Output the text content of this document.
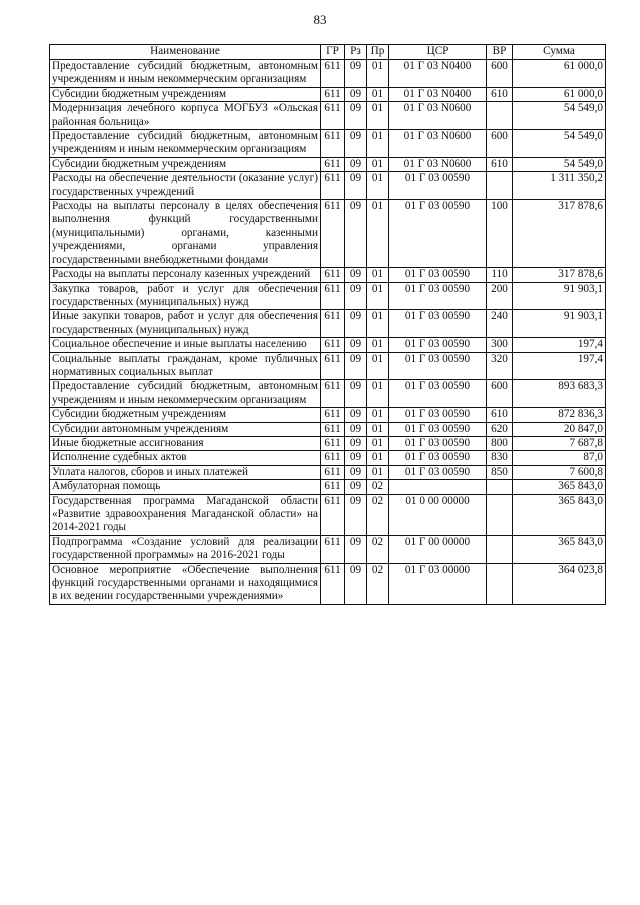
83
Наименование	ГР	Рз	Пр	ЦСР	ВР	Сумма
Предоставление субсидий бюджетным, автономным учреждениям и иным некоммерческим организациям	611	09	01	01 Г 03 N0400	600	61 000,0
Субсидии бюджетным учреждениям	611	09	01	01 Г 03 N0400	610	61 000,0
Модернизация лечебного корпуса МОГБУЗ «Ольская районная больница»	611	09	01	01 Г 03 N0600		54 549,0
Предоставление субсидий бюджетным, автономным учреждениям и иным некоммерческим организациям	611	09	01	01 Г 03 N0600	600	54 549,0
Субсидии бюджетным учреждениям	611	09	01	01 Г 03 N0600	610	54 549,0
Расходы на обеспечение деятельности (оказание услуг) государственных учреждений	611	09	01	01 Г 03 00590		1 311 350,2
Расходы на выплаты персоналу в целях обеспечения выполнения функций государственными (муниципальными) органами, казенными учреждениями, органами управления государственными внебюджетными фондами	611	09	01	01 Г 03 00590	100	317 878,6
Расходы на выплаты персоналу казенных учреждений	611	09	01	01 Г 03 00590	110	317 878,6
Закупка товаров, работ и услуг для обеспечения государственных (муниципальных) нужд	611	09	01	01 Г 03 00590	200	91 903,1
Иные закупки товаров, работ и услуг для обеспечения государственных (муниципальных) нужд	611	09	01	01 Г 03 00590	240	91 903,1
Социальное обеспечение и иные выплаты населению	611	09	01	01 Г 03 00590	300	197,4
Социальные выплаты гражданам, кроме публичных нормативных социальных выплат	611	09	01	01 Г 03 00590	320	197,4
Предоставление субсидий бюджетным, автономным учреждениям и иным некоммерческим организациям	611	09	01	01 Г 03 00590	600	893 683,3
Субсидии бюджетным учреждениям	611	09	01	01 Г 03 00590	610	872 836,3
Субсидии автономным учреждениям	611	09	01	01 Г 03 00590	620	20 847,0
Иные бюджетные ассигнования	611	09	01	01 Г 03 00590	800	7 687,8
Исполнение судебных актов	611	09	01	01 Г 03 00590	830	87,0
Уплата налогов, сборов и иных платежей	611	09	01	01 Г 03 00590	850	7 600,8
Амбулаторная помощь	611	09	02			365 843,0
Государственная программа Магаданской области «Развитие здравоохранения Магаданской области» на 2014-2021 годы	611	09	02	01 0 00 00000		365 843,0
Подпрограмма «Создание условий для реализации государственной программы» на 2016-2021 годы	611	09	02	01 Г 00 00000		365 843,0
Основное мероприятие «Обеспечение выполнения функций государственными органами и находящимися в их ведении государственными учреждениями»	611	09	02	01 Г 03 00000		364 023,8
